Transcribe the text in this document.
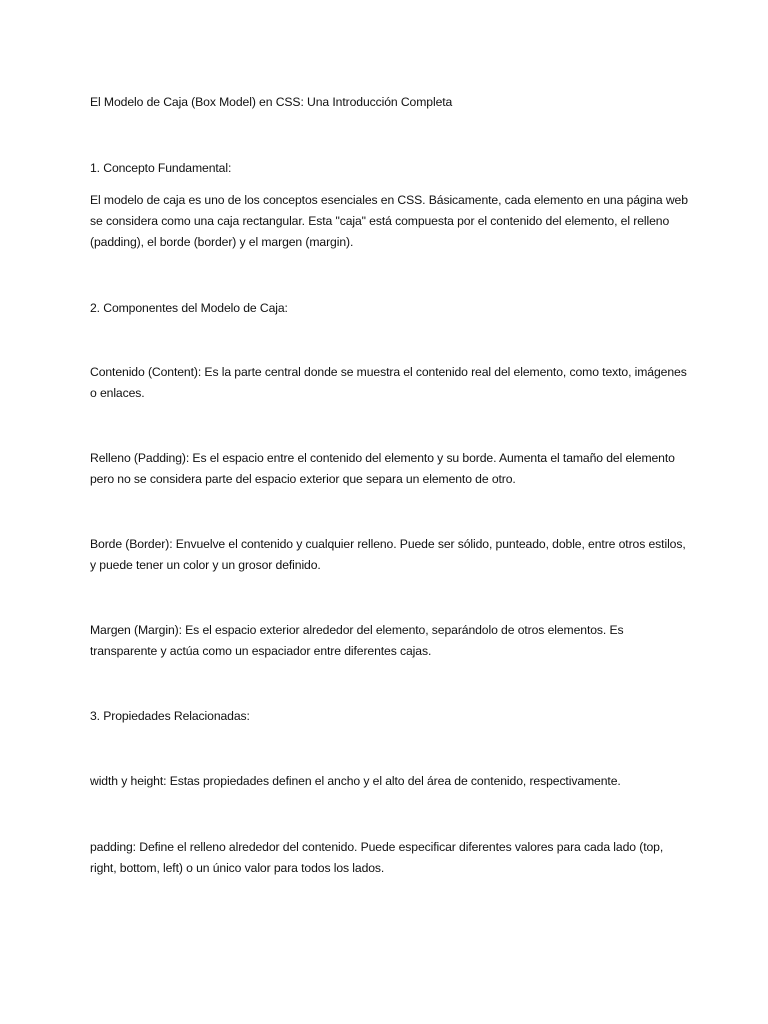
El Modelo de Caja (Box Model) en CSS: Una Introducción Completa

1. Concepto Fundamental:

El modelo de caja es uno de los conceptos esenciales en CSS. Básicamente, cada elemento en una página web se considera como una caja rectangular. Esta "caja" está compuesta por el contenido del elemento, el relleno (padding), el borde (border) y el margen (margin).

2. Componentes del Modelo de Caja:

Contenido (Content): Es la parte central donde se muestra el contenido real del elemento, como texto, imágenes o enlaces.

Relleno (Padding): Es el espacio entre el contenido del elemento y su borde. Aumenta el tamaño del elemento pero no se considera parte del espacio exterior que separa un elemento de otro.

Borde (Border): Envuelve el contenido y cualquier relleno. Puede ser sólido, punteado, doble, entre otros estilos, y puede tener un color y un grosor definido.

Margen (Margin): Es el espacio exterior alrededor del elemento, separándolo de otros elementos. Es transparente y actúa como un espaciador entre diferentes cajas.

3. Propiedades Relacionadas:

width y height: Estas propiedades definen el ancho y el alto del área de contenido, respectivamente.

padding: Define el relleno alrededor del contenido. Puede especificar diferentes valores para cada lado (top, right, bottom, left) o un único valor para todos los lados.
